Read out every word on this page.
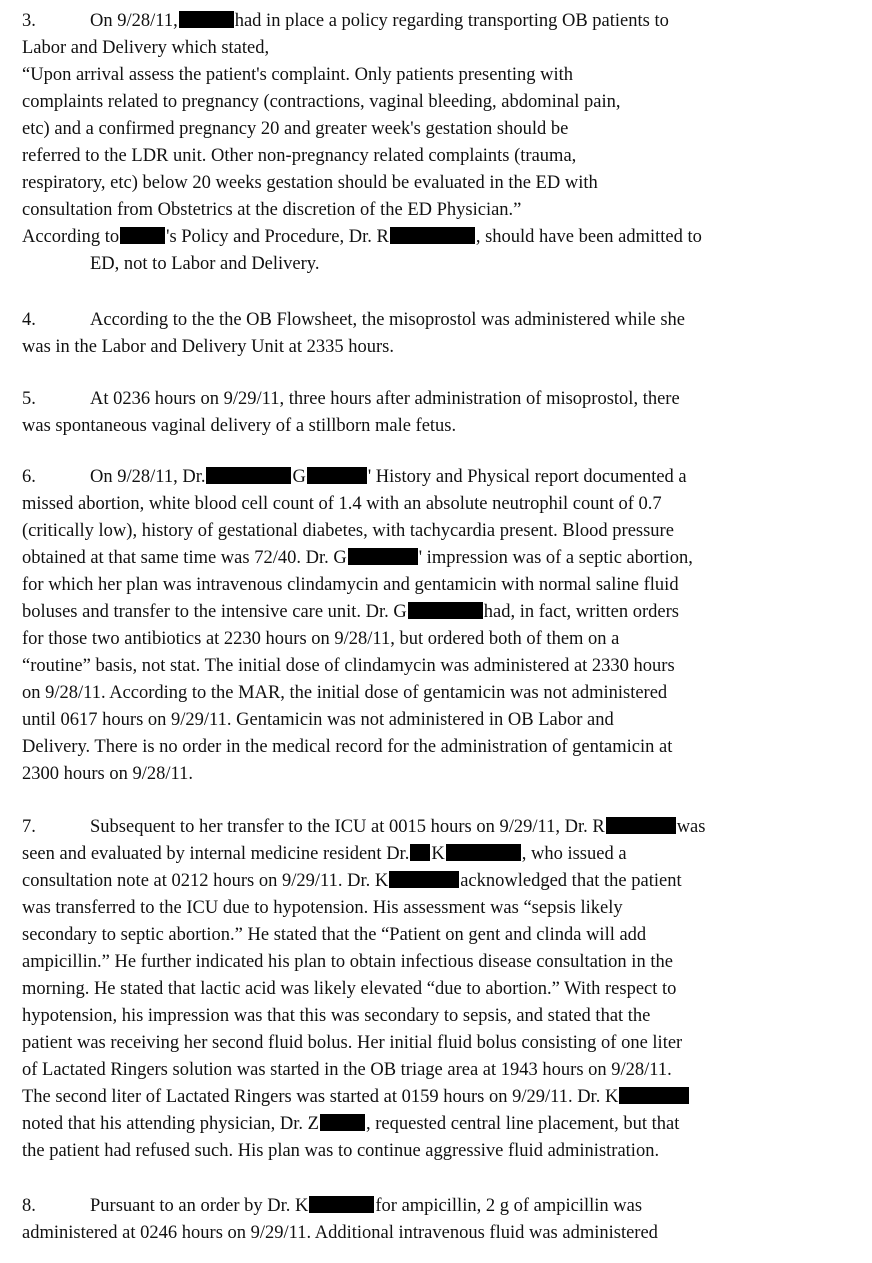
3.	On 9/28/11,	had in place a policy regarding transporting OB patients to
Labor and Delivery which stated,
“Upon arrival assess the patient's complaint. Only patients presenting with
complaints related to pregnancy (contractions, vaginal bleeding, abdominal pain,
etc) and a confirmed pregnancy 20 and greater week's gestation should be
referred to the LDR unit. Other non-pregnancy related complaints (trauma,
respiratory, etc) below 20 weeks gestation should be evaluated in the ED with
consultation from Obstetrics at the discretion of the ED Physician.”
According to	's Policy and Procedure, Dr. R	, should have been admitted to
ED, not to Labor and Delivery.
4.	According to the the OB Flowsheet, the misoprostol was administered while she
was in the Labor and Delivery Unit at 2335 hours.
5.	At 0236 hours on 9/29/11, three hours after administration of misoprostol, there
was spontaneous vaginal delivery of a stillborn male fetus.
6.	On 9/28/11, Dr.	G	' History and Physical report documented a
missed abortion, white blood cell count of 1.4 with an absolute neutrophil count of 0.7
(critically low), history of gestational diabetes, with tachycardia present. Blood pressure
obtained at that same time was 72/40. Dr. G	' impression was of a septic abortion,
for which her plan was intravenous clindamycin and gentamicin with normal saline fluid
boluses and transfer to the intensive care unit. Dr. G	had, in fact, written orders
for those two antibiotics at 2230 hours on 9/28/11, but ordered both of them on a
“routine” basis, not stat. The initial dose of clindamycin was administered at 2330 hours
on 9/28/11. According to the MAR, the initial dose of gentamicin was not administered
until 0617 hours on 9/29/11. Gentamicin was not administered in OB Labor and
Delivery. There is no order in the medical record for the administration of gentamicin at
2300 hours on 9/28/11.
7.	Subsequent to her transfer to the ICU at 0015 hours on 9/29/11, Dr. R	was
seen and evaluated by internal medicine resident Dr. K	, who issued a
consultation note at 0212 hours on 9/29/11. Dr. K	acknowledged that the patient
was transferred to the ICU due to hypotension. His assessment was “sepsis likely
secondary to septic abortion.” He stated that the “Patient on gent and clinda will add
ampicillin.” He further indicated his plan to obtain infectious disease consultation in the
morning. He stated that lactic acid was likely elevated “due to abortion.” With respect to
hypotension, his impression was that this was secondary to sepsis, and stated that the
patient was receiving her second fluid bolus. Her initial fluid bolus consisting of one liter
of Lactated Ringers solution was started in the OB triage area at 1943 hours on 9/28/11.
The second liter of Lactated Ringers was started at 0159 hours on 9/29/11. Dr. K
noted that his attending physician, Dr. Z	, requested central line placement, but that
the patient had refused such. His plan was to continue aggressive fluid administration.
8.	Pursuant to an order by Dr. K	for ampicillin, 2 g of ampicillin was
administered at 0246 hours on 9/29/11. Additional intravenous fluid was administered
